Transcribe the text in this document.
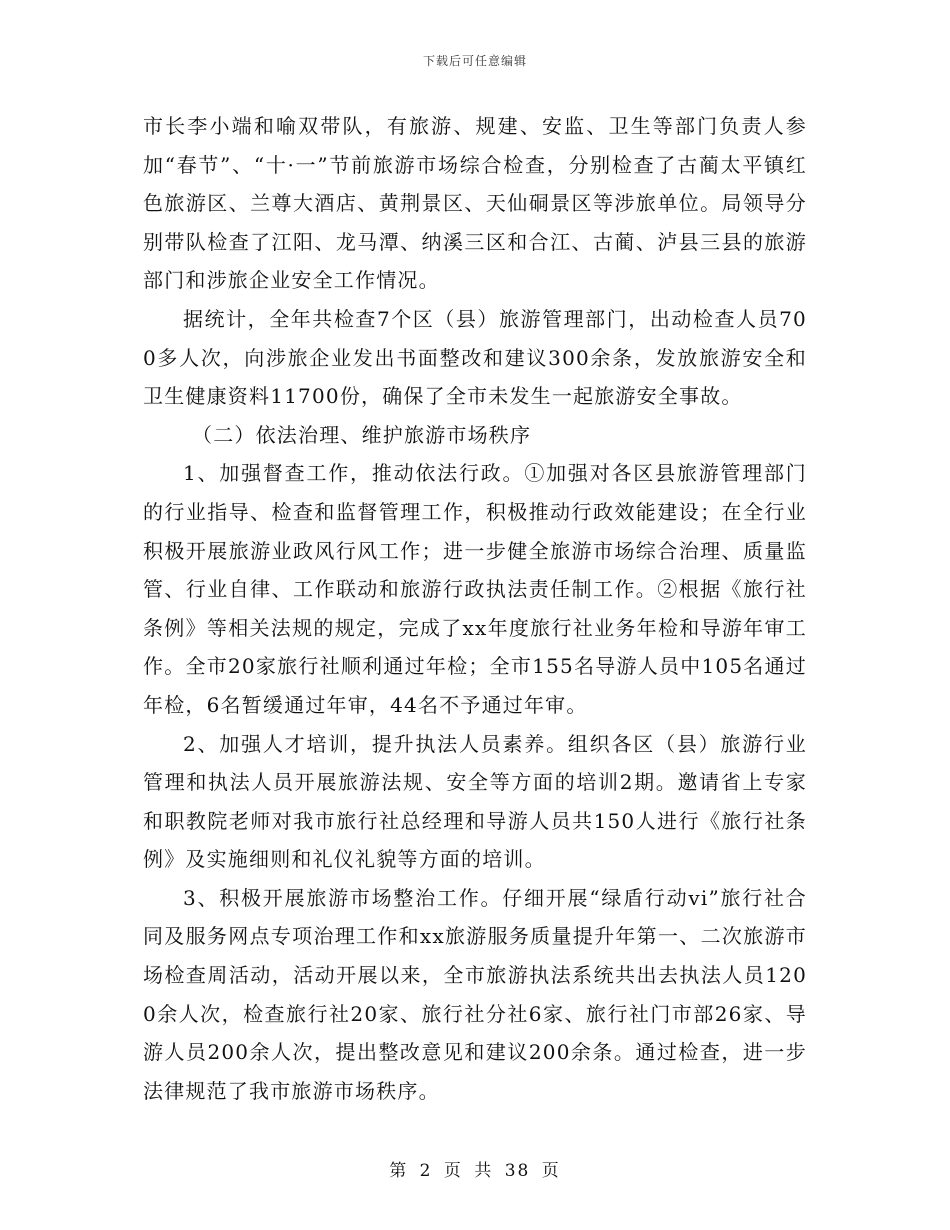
下载后可任意编辑

市长李小端和喻双带队，有旅游、规建、安监、卫生等部门负责人参加“春节”、“十·一”节前旅游市场综合检查，分别检查了古蔺太平镇红色旅游区、兰尊大酒店、黄荆景区、天仙硐景区等涉旅单位。局领导分别带队检查了江阳、龙马潭、纳溪三区和合江、古蔺、泸县三县的旅游部门和涉旅企业安全工作情况。

据统计，全年共检查7个区（县）旅游管理部门，出动检查人员700多人次，向涉旅企业发出书面整改和建议300余条，发放旅游安全和卫生健康资料11700份，确保了全市未发生一起旅游安全事故。

（二）依法治理、维护旅游市场秩序

1、加强督查工作，推动依法行政。①加强对各区县旅游管理部门的行业指导、检查和监督管理工作，积极推动行政效能建设；在全行业积极开展旅游业政风行风工作；进一步健全旅游市场综合治理、质量监管、行业自律、工作联动和旅游行政执法责任制工作。②根据《旅行社条例》等相关法规的规定，完成了xx年度旅行社业务年检和导游年审工作。全市20家旅行社顺利通过年检；全市155名导游人员中105名通过年检，6名暂缓通过年审，44名不予通过年审。

2、加强人才培训，提升执法人员素养。组织各区（县）旅游行业管理和执法人员开展旅游法规、安全等方面的培训2期。邀请省上专家和职教院老师对我市旅行社总经理和导游人员共150人进行《旅行社条例》及实施细则和礼仪礼貌等方面的培训。

3、积极开展旅游市场整治工作。仔细开展“绿盾行动vi”旅行社合同及服务网点专项治理工作和xx旅游服务质量提升年第一、二次旅游市场检查周活动，活动开展以来，全市旅游执法系统共出去执法人员1200余人次，检查旅行社20家、旅行社分社6家、旅行社门市部26家、导游人员200余人次，提出整改意见和建议200余条。通过检查，进一步法律规范了我市旅游市场秩序。

第 2 页 共 38 页
